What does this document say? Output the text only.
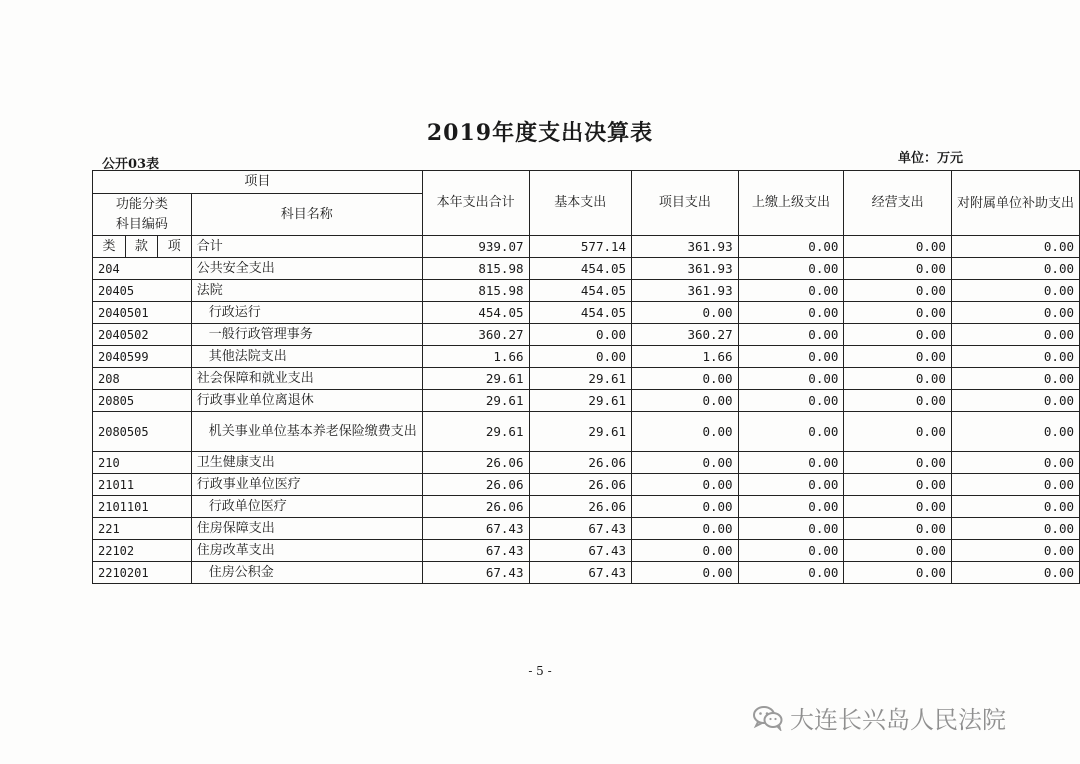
2019年度支出决算表
公开03表	单位：万元
项目				本年支出合计	基本支出	项目支出	上缴上级支出	经营支出	对附属单位补助支出
功能分类
科目编码			科目名称						
类	款	项	合计	939.07	577.14	361.93	0.00	0.00	0.00
204			公共安全支出	815.98	454.05	361.93	0.00	0.00	0.00
20405			法院	815.98	454.05	361.93	0.00	0.00	0.00
2040501			行政运行	454.05	454.05	0.00	0.00	0.00	0.00
2040502			一般行政管理事务	360.27	0.00	360.27	0.00	0.00	0.00
2040599			其他法院支出	1.66	0.00	1.66	0.00	0.00	0.00
208			社会保障和就业支出	29.61	29.61	0.00	0.00	0.00	0.00
20805			行政事业单位离退休	29.61	29.61	0.00	0.00	0.00	0.00
2080505			机关事业单位基本养老保险缴费支出	29.61	29.61	0.00	0.00	0.00	0.00
210			卫生健康支出	26.06	26.06	0.00	0.00	0.00	0.00
21011			行政事业单位医疗	26.06	26.06	0.00	0.00	0.00	0.00
2101101			行政单位医疗	26.06	26.06	0.00	0.00	0.00	0.00
221			住房保障支出	67.43	67.43	0.00	0.00	0.00	0.00
22102			住房改革支出	67.43	67.43	0.00	0.00	0.00	0.00
2210201			住房公积金	67.43	67.43	0.00	0.00	0.00	0.00
- 5 -
大连长兴岛人民法院
